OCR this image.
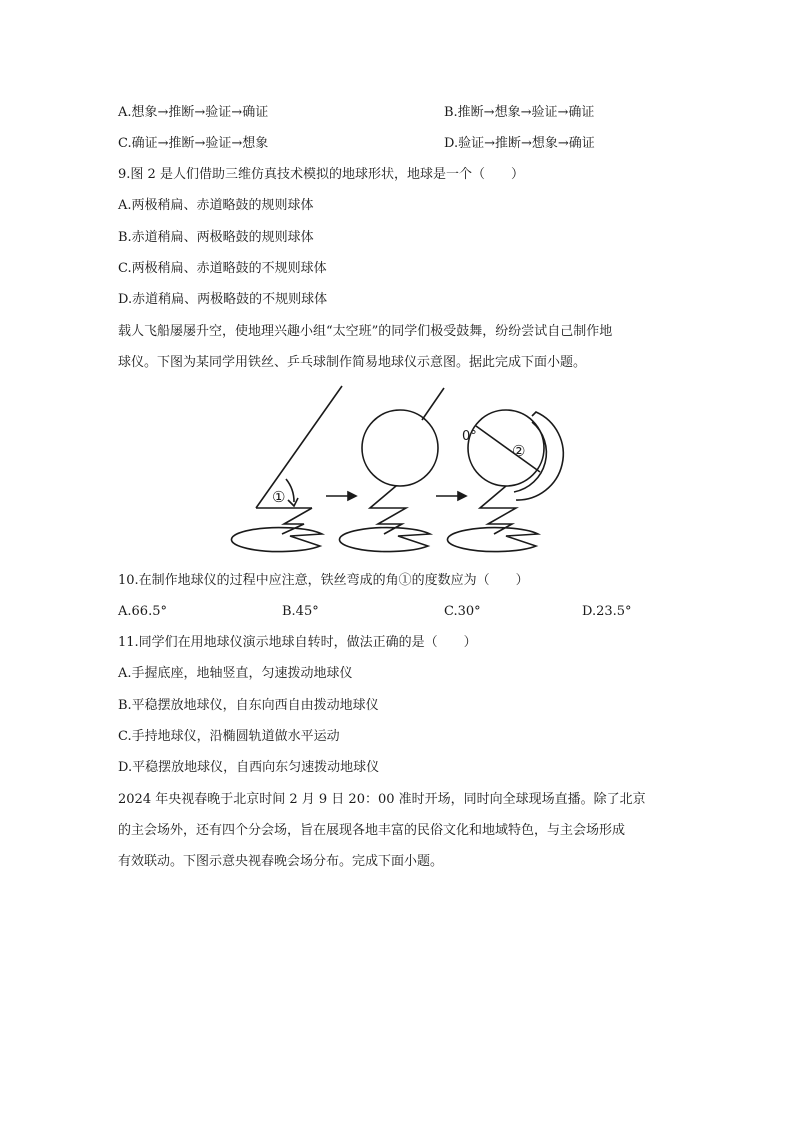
A.想象→推断→验证→确证	B.推断→想象→验证→确证
C.确证→推断→验证→想象	D.验证→推断→想象→确证
9.图 2 是人们借助三维仿真技术模拟的地球形状，地球是一个（　　）
A.两极稍扁、赤道略鼓的规则球体
B.赤道稍扁、两极略鼓的规则球体
C.两极稍扁、赤道略鼓的不规则球体
D.赤道稍扁、两极略鼓的不规则球体
载人飞船屡屡升空，使地理兴趣小组“太空班”的同学们极受鼓舞，纷纷尝试自己制作地
球仪。下图为某同学用铁丝、乒乓球制作简易地球仪示意图。据此完成下面小题。
①
0°
②
10.在制作地球仪的过程中应注意，铁丝弯成的角①的度数应为（　　）
A.66.5°	B.45°	C.30°	D.23.5°
11.同学们在用地球仪演示地球自转时，做法正确的是（　　）
A.手握底座，地轴竖直，匀速拨动地球仪
B.平稳摆放地球仪，自东向西自由拨动地球仪
C.手持地球仪，沿椭圆轨道做水平运动
D.平稳摆放地球仪，自西向东匀速拨动地球仪
2024 年央视春晚于北京时间 2 月 9 日 20：00 准时开场，同时向全球现场直播。除了北京
的主会场外，还有四个分会场，旨在展现各地丰富的民俗文化和地域特色，与主会场形成
有效联动。下图示意央视春晚会场分布。完成下面小题。
